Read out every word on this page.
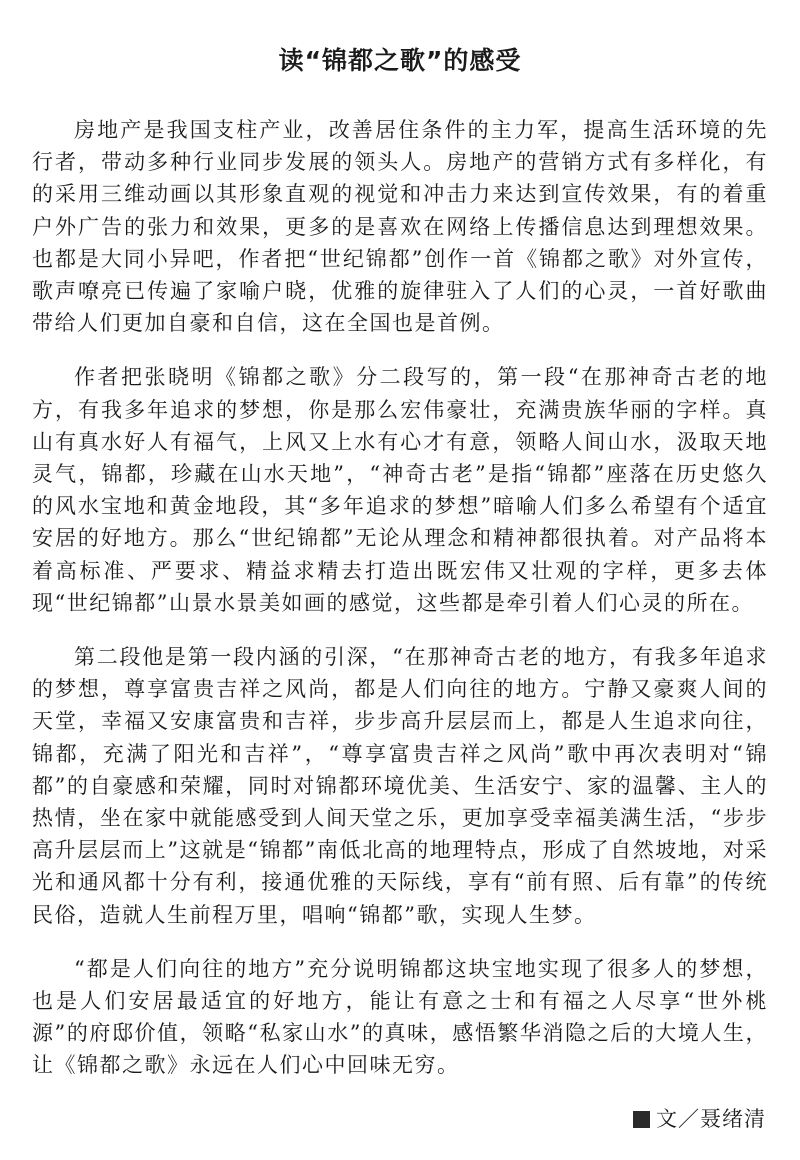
读“锦都之歌”的感受

房地产是我国支柱产业，改善居住条件的主力军，提高生活环境的先行者，带动多种行业同步发展的领头人。房地产的营销方式有多样化，有的采用三维动画以其形象直观的视觉和冲击力来达到宣传效果，有的着重户外广告的张力和效果，更多的是喜欢在网络上传播信息达到理想效果。也都是大同小异吧，作者把“世纪锦都”创作一首《锦都之歌》对外宣传，歌声嘹亮已传遍了家喻户晓，优雅的旋律驻入了人们的心灵，一首好歌曲带给人们更加自豪和自信，这在全国也是首例。

作者把张晓明《锦都之歌》分二段写的，第一段“在那神奇古老的地方，有我多年追求的梦想，你是那么宏伟豪壮，充满贵族华丽的字样。真山有真水好人有福气，上风又上水有心才有意，领略人间山水，汲取天地灵气，锦都，珍藏在山水天地”，“神奇古老”是指“锦都”座落在历史悠久的风水宝地和黄金地段，其“多年追求的梦想”暗喻人们多么希望有个适宜安居的好地方。那么“世纪锦都”无论从理念和精神都很执着。对产品将本着高标准、严要求、精益求精去打造出既宏伟又壮观的字样，更多去体现“世纪锦都”山景水景美如画的感觉，这些都是牵引着人们心灵的所在。

第二段他是第一段内涵的引深，“在那神奇古老的地方，有我多年追求的梦想，尊享富贵吉祥之风尚，都是人们向往的地方。宁静又豪爽人间的天堂，幸福又安康富贵和吉祥，步步高升层层而上，都是人生追求向往，锦都，充满了阳光和吉祥”，“尊享富贵吉祥之风尚”歌中再次表明对“锦都”的自豪感和荣耀，同时对锦都环境优美、生活安宁、家的温馨、主人的热情，坐在家中就能感受到人间天堂之乐，更加享受幸福美满生活，“步步高升层层而上”这就是“锦都”南低北高的地理特点，形成了自然坡地，对采光和通风都十分有利，接通优雅的天际线，享有“前有照、后有靠”的传统民俗，造就人生前程万里，唱响“锦都”歌，实现人生梦。

“都是人们向往的地方”充分说明锦都这块宝地实现了很多人的梦想，也是人们安居最适宜的好地方，能让有意之士和有福之人尽享“世外桃源”的府邸价值，领略“私家山水”的真味，感悟繁华消隐之后的大境人生，让《锦都之歌》永远在人们心中回味无穷。

文／聂绪清
